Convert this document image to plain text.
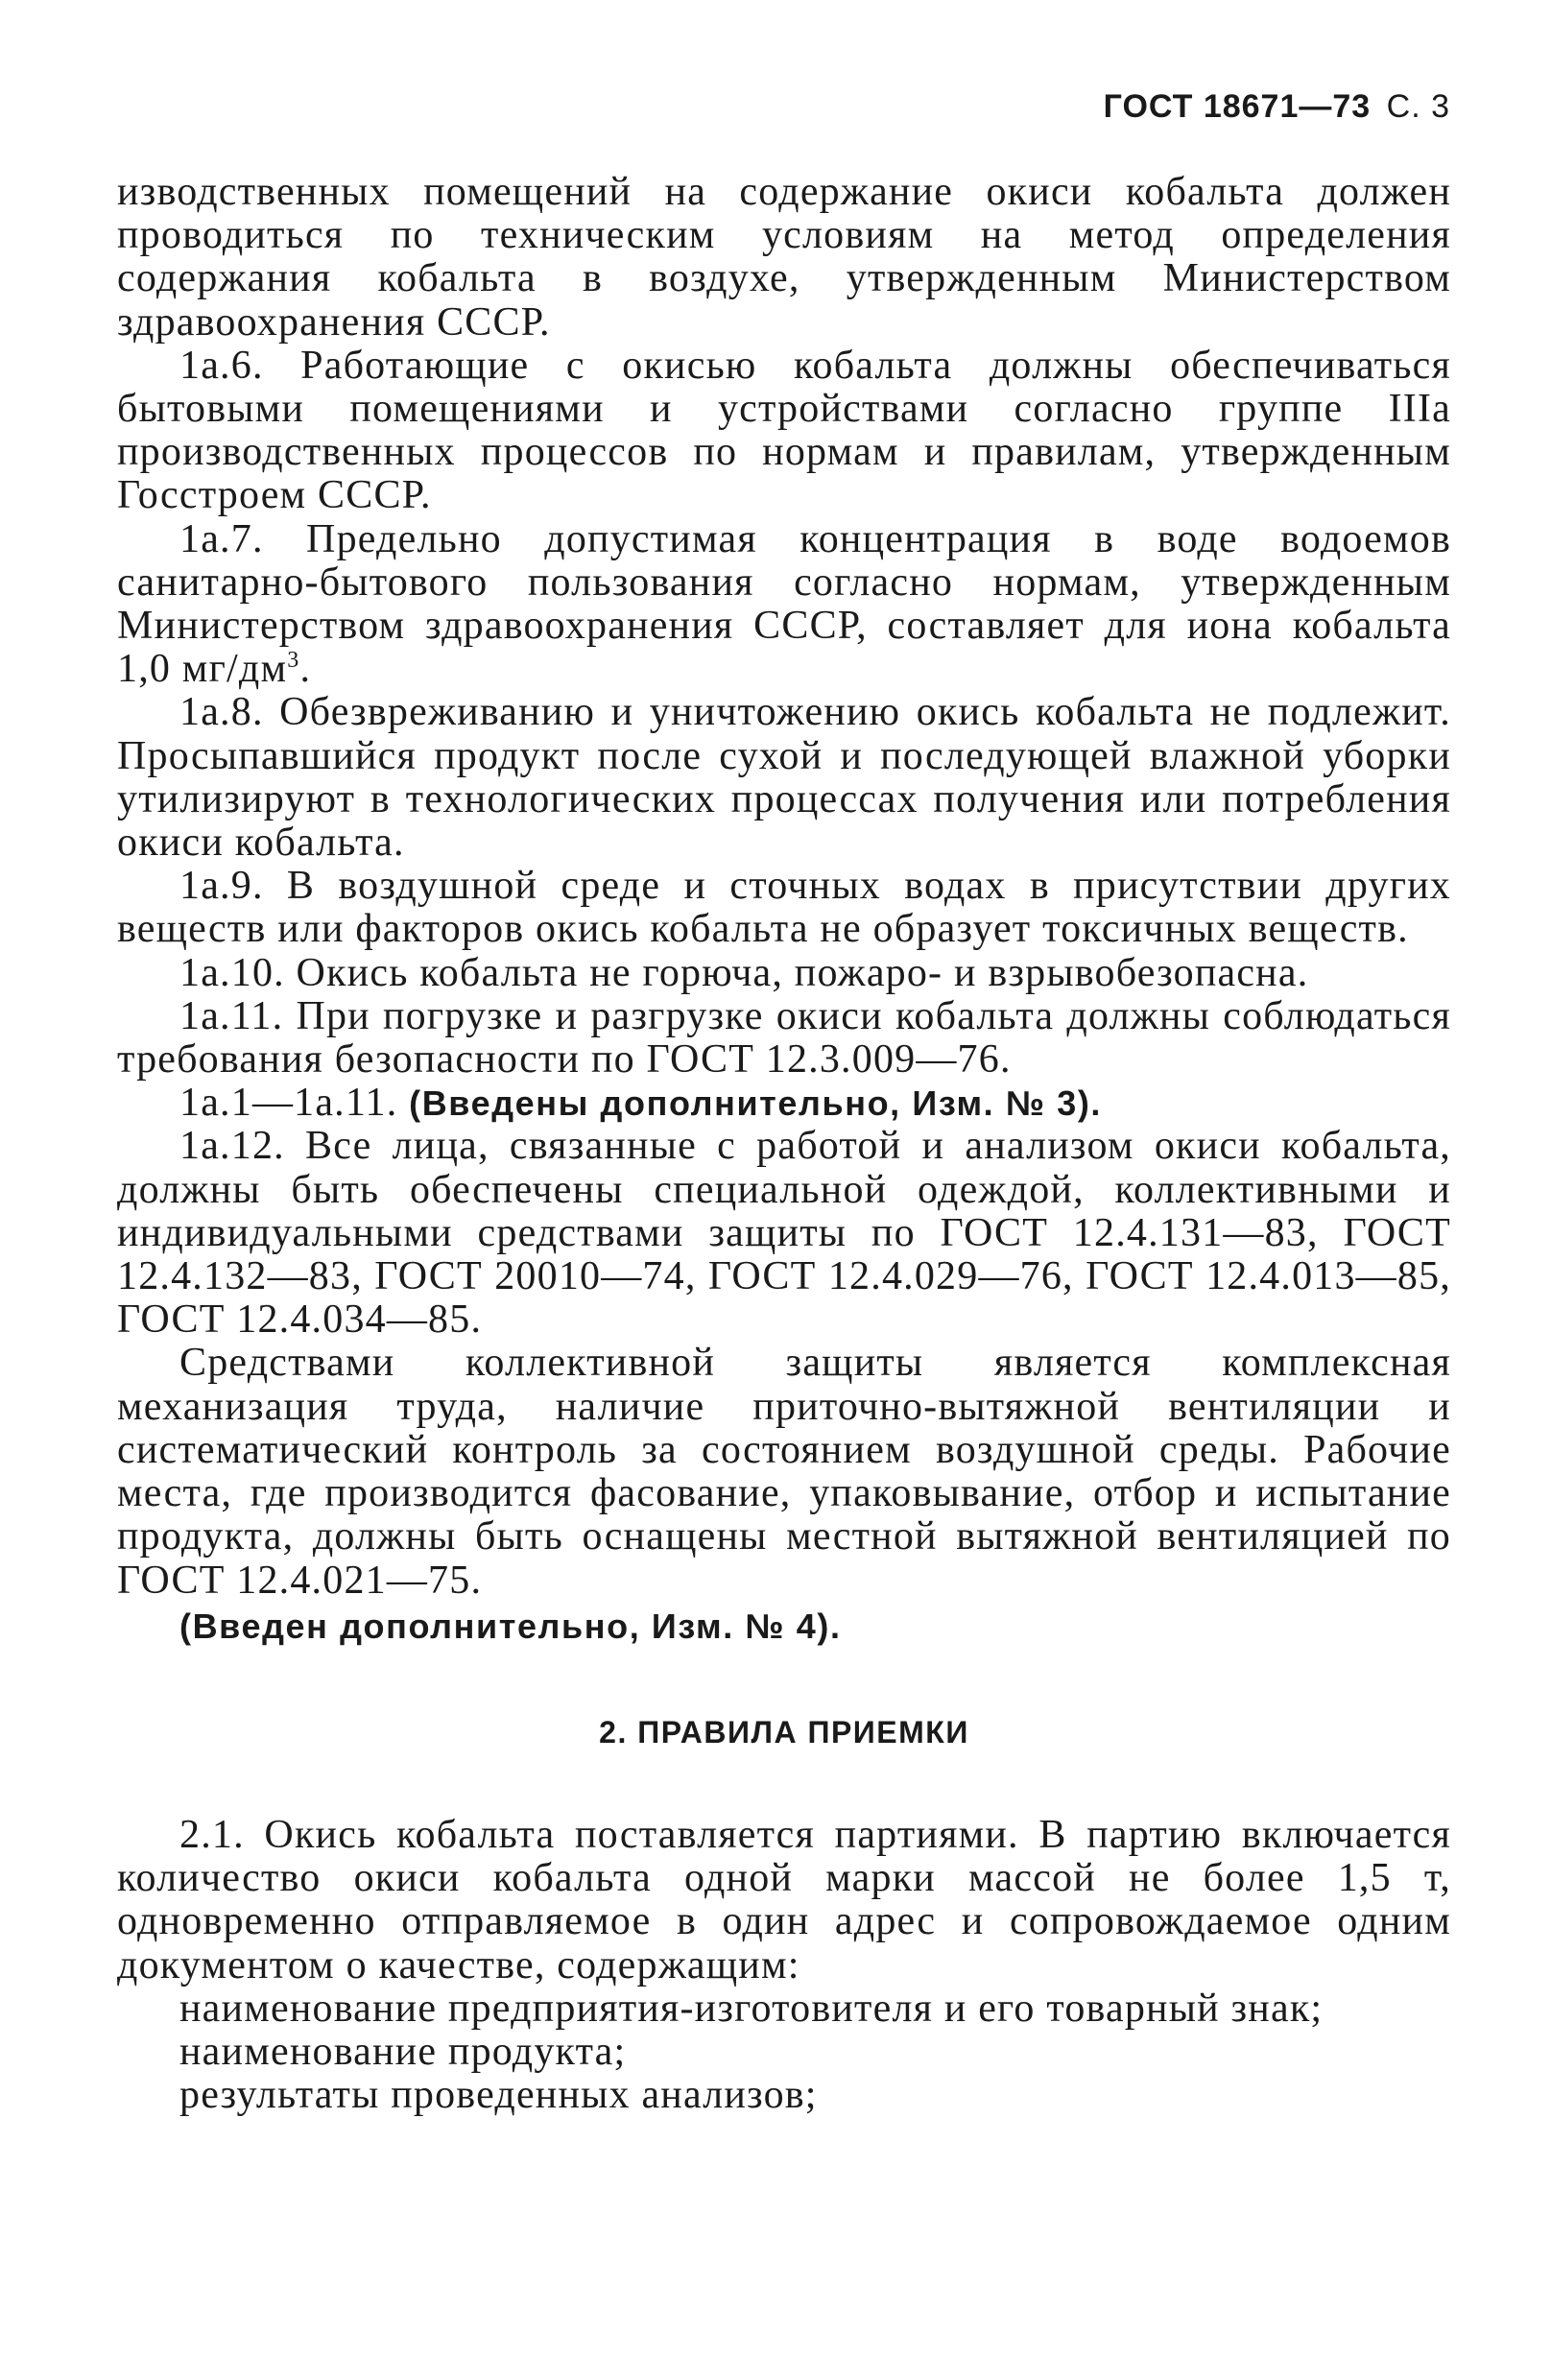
ГОСТ 18671—73 С. 3

изводственных помещений на содержание окиси кобальта должен проводиться по техническим условиям на метод определения содержания кобальта в воздухе, утвержденным Министерством здравоохранения СССР.

1а.6. Работающие с окисью кобальта должны обеспечиваться бытовыми помещениями и устройствами согласно группе IIIа производственных процессов по нормам и правилам, утвержденным Госстроем СССР.

1а.7. Предельно допустимая концентрация в воде водоемов санитарно-бытового пользования согласно нормам, утвержденным Министерством здравоохранения СССР, составляет для иона кобальта 1,0 $мг/дм^3$.

1а.8. Обезвреживанию и уничтожению окись кобальта не подлежит. Просыпавшийся продукт после сухой и последующей влажной уборки утилизируют в технологических процессах получения или потребления окиси кобальта.

1а.9. В воздушной среде и сточных водах в присутствии других веществ или факторов окись кобальта не образует токсичных веществ.

1а.10. Окись кобальта не горюча, пожаро- и взрывобезопасна.

1а.11. При погрузке и разгрузке окиси кобальта должны соблюдаться требования безопасности по ГОСТ 12.3.009—76.

1а.1—1а.11. (Введены дополнительно, Изм. № 3).

1а.12. Все лица, связанные с работой и анализом окиси кобальта, должны быть обеспечены специальной одеждой, коллективными и индивидуальными средствами защиты по ГОСТ 12.4.131—83, ГОСТ 12.4.132—83, ГОСТ 20010—74, ГОСТ 12.4.029—76, ГОСТ 12.4.013—85, ГОСТ 12.4.034—85.

Средствами коллективной защиты является комплексная механизация труда, наличие приточно-вытяжной вентиляции и систематический контроль за состоянием воздушной среды. Рабочие места, где производится фасование, упаковывание, отбор и испытание продукта, должны быть оснащены местной вытяжной вентиляцией по ГОСТ 12.4.021—75.

(Введен дополнительно, Изм. № 4).

2. ПРАВИЛА ПРИЕМКИ

2.1. Окись кобальта поставляется партиями. В партию включается количество окиси кобальта одной марки массой не более 1,5 т, одновременно отправляемое в один адрес и сопровождаемое одним документом о качестве, содержащим:

наименование предприятия-изготовителя и его товарный знак;

наименование продукта;

результаты проведенных анализов;
